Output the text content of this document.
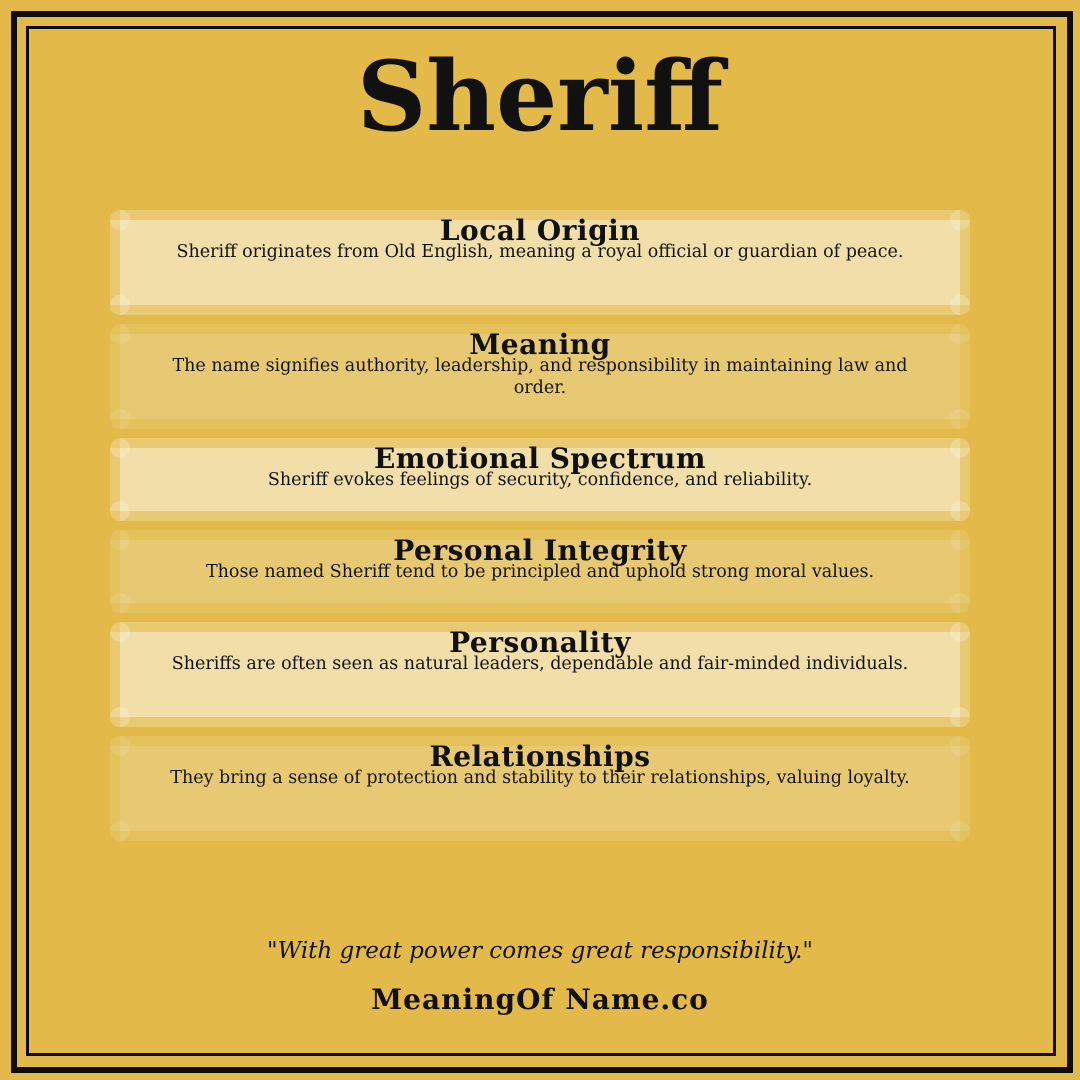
Sheriff
Local Origin
Sheriff originates from Old English, meaning a royal official or guardian of peace.
Meaning
The name signifies authority, leadership, and responsibility in maintaining law and order.
Emotional Spectrum
Sheriff evokes feelings of security, confidence, and reliability.
Personal Integrity
Those named Sheriff tend to be principled and uphold strong moral values.
Personality
Sheriffs are often seen as natural leaders, dependable and fair-minded individuals.
Relationships
They bring a sense of protection and stability to their relationships, valuing loyalty.
"With great power comes great responsibility."
MeaningOf Name.co
